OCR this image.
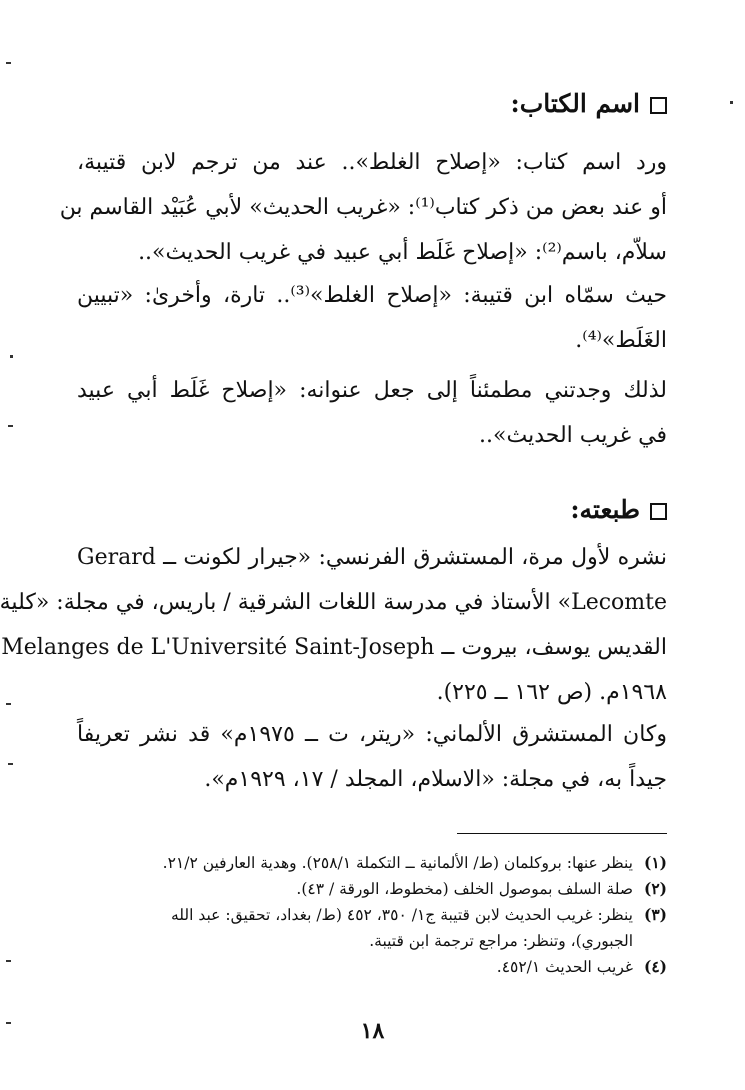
اسم الكتاب:
ورد اسم كتاب: «إصلاح الغلط».. عند من ترجم لابن قتيبة،
أو عند بعض من ذكر كتاب⁽¹⁾: «غريب الحديث» لأبي عُبَيْد القاسم بن
سلاّم، باسم⁽²⁾: «إصلاح غَلَط أبي عبيد في غريب الحديث»..
حيث سمّاه ابن قتيبة: «إصلاح الغلط»⁽³⁾.. تارة، وأخرىٰ: «تبيين
الغَلَط»⁽⁴⁾.
لذلك وجدتني مطمئناً إلى جعل عنوانه: «إصلاح غَلَط أبي عبيد
في غريب الحديث»..
طبعته:
نشره لأول مرة، المستشرق الفرنسي: «جيرار لكونت ــ Gerard
Lecomte» الأستاذ في مدرسة اللغات الشرقية / باريس، في مجلة: «كلية
القديس يوسف، بيروت ــ Melanges de L'Université Saint-Joseph
١٩٦٨م. (ص ١٦٢ ــ ٢٢٥).
وكان المستشرق الألماني: «ريتر، ت ــ ١٩٧٥م» قد نشر تعريفاً
جيداً به، في مجلة: «الاسلام، المجلد / ١٧، ١٩٢٩م».
(١)
ينظر عنها: بروكلمان (ط/ الألمانية ــ التكملة ٢٥٨/١). وهدية العارفين ٢١/٢.
(٢)
صلة السلف بموصول الخلف (مخطوط، الورقة / ٤٣).
(٣)
ينظر: غريب الحديث لابن قتيبة ج١/ ٣٥٠، ٤٥٢ (ط/ بغداد، تحقيق: عبد الله
الجبوري)، وتنظر: مراجع ترجمة ابن قتيبة.
(٤)
غريب الحديث ٤٥٢/١.
١٨
